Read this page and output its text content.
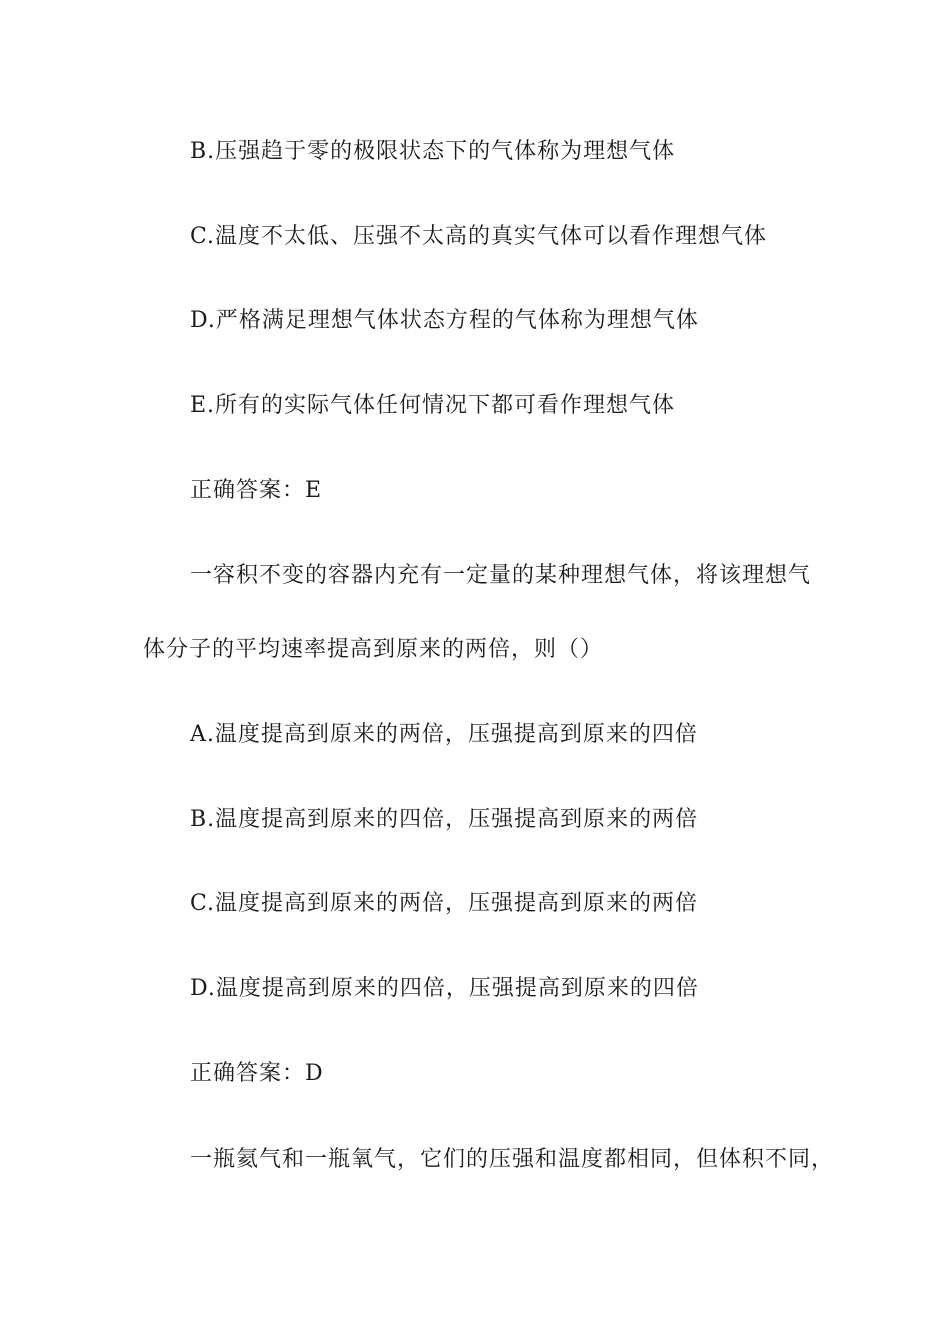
B.压强趋于零的极限状态下的气体称为理想气体
C.温度不太低、压强不太高的真实气体可以看作理想气体
D.严格满足理想气体状态方程的气体称为理想气体
E.所有的实际气体任何情况下都可看作理想气体
正确答案：E
一容积不变的容器内充有一定量的某种理想气体，将该理想气
体分子的平均速率提高到原来的两倍，则（）
A.温度提高到原来的两倍，压强提高到原来的四倍
B.温度提高到原来的四倍，压强提高到原来的两倍
C.温度提高到原来的两倍，压强提高到原来的两倍
D.温度提高到原来的四倍，压强提高到原来的四倍
正确答案：D
一瓶氦气和一瓶氧气，它们的压强和温度都相同，但体积不同，
